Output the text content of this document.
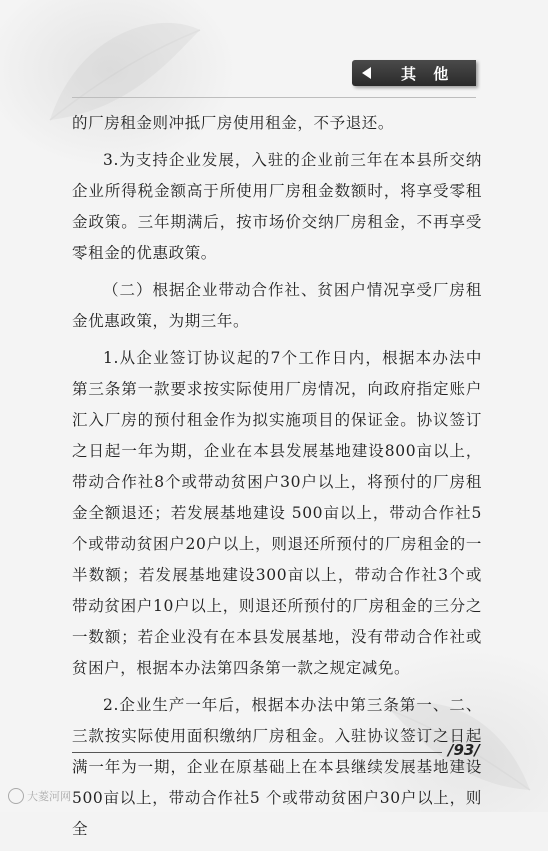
其 他

的厂房租金则冲抵厂房使用租金，不予退还。

3.为支持企业发展，入驻的企业前三年在本县所交纳企业所得税金额高于所使用厂房租金数额时，将享受零租金政策。三年期满后，按市场价交纳厂房租金，不再享受零租金的优惠政策。

（二）根据企业带动合作社、贫困户情况享受厂房租金优惠政策，为期三年。

1.从企业签订协议起的7个工作日内，根据本办法中第三条第一款要求按实际使用厂房情况，向政府指定账户汇入厂房的预付租金作为拟实施项目的保证金。协议签订之日起一年为期，企业在本县发展基地建设800亩以上，带动合作社8个或带动贫困户30户以上，将预付的厂房租金全额退还；若发展基地建设 500亩以上，带动合作社5个或带动贫困户20户以上，则退还所预付的厂房租金的一半数额；若发展基地建设300亩以上，带动合作社3个或带动贫困户10户以上，则退还所预付的厂房租金的三分之一数额；若企业没有在本县发展基地，没有带动合作社或贫困户，根据本办法第四条第一款之规定减免。

2.企业生产一年后，根据本办法中第三条第一、二、三款按实际使用面积缴纳厂房租金。入驻协议签订之日起满一年为一期，企业在原基础上在本县继续发展基地建设500亩以上，带动合作社5 个或带动贫困户30户以上，则全

/93/
大菱河网
